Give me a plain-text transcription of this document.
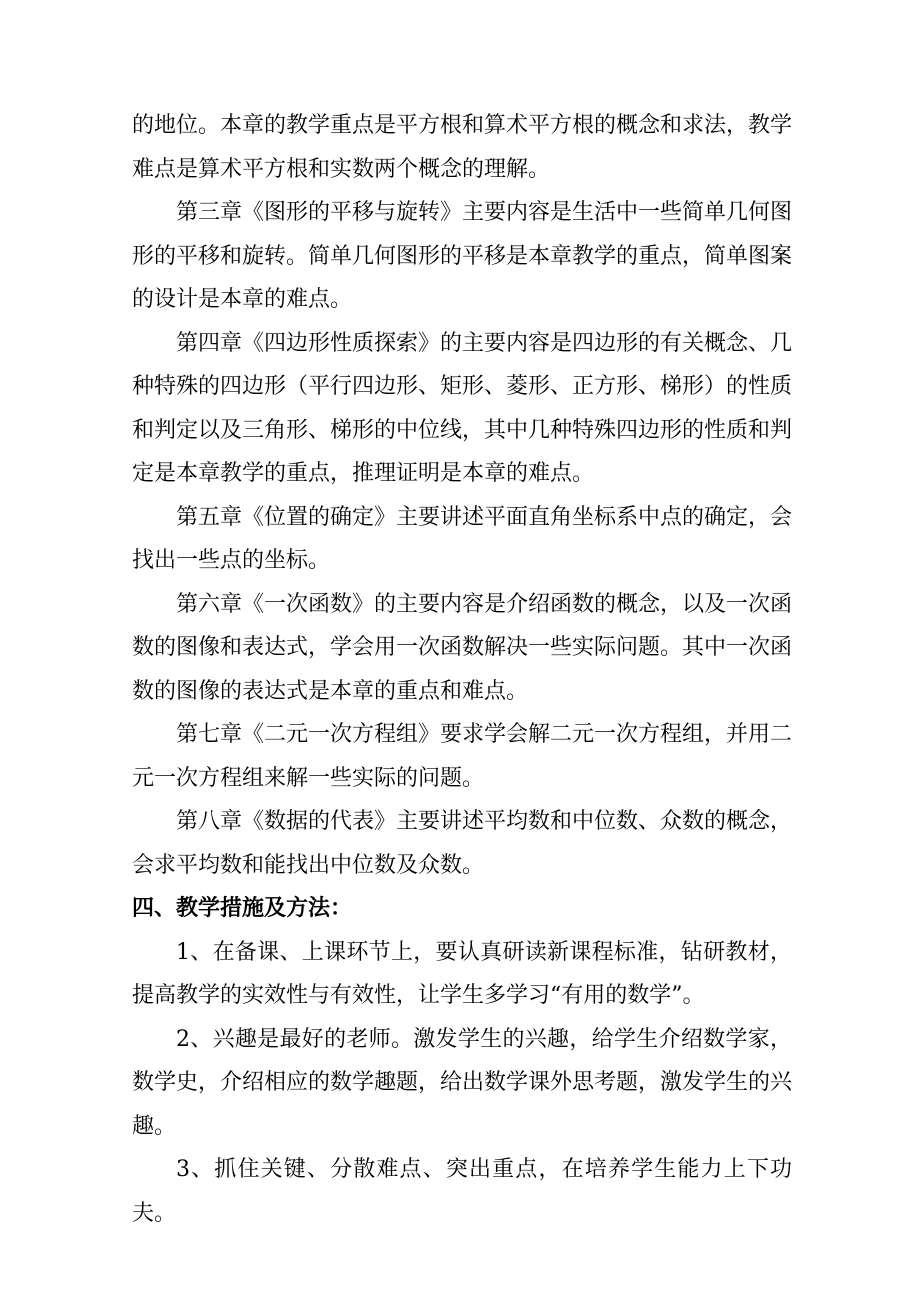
的地位。本章的教学重点是平方根和算术平方根的概念和求法，教学难点是算术平方根和实数两个概念的理解。

第三章《图形的平移与旋转》主要内容是生活中一些简单几何图形的平移和旋转。简单几何图形的平移是本章教学的重点，简单图案的设计是本章的难点。

第四章《四边形性质探索》的主要内容是四边形的有关概念、几种特殊的四边形（平行四边形、矩形、菱形、正方形、梯形）的性质和判定以及三角形、梯形的中位线，其中几种特殊四边形的性质和判定是本章教学的重点，推理证明是本章的难点。

第五章《位置的确定》主要讲述平面直角坐标系中点的确定，会找出一些点的坐标。

第六章《一次函数》的主要内容是介绍函数的概念，以及一次函数的图像和表达式，学会用一次函数解决一些实际问题。其中一次函数的图像的表达式是本章的重点和难点。

第七章《二元一次方程组》要求学会解二元一次方程组，并用二元一次方程组来解一些实际的问题。

第八章《数据的代表》主要讲述平均数和中位数、众数的概念，会求平均数和能找出中位数及众数。

四、教学措施及方法：

1、在备课、上课环节上，要认真研读新课程标准，钻研教材，提高教学的实效性与有效性，让学生多学习“有用的数学”。

2、兴趣是最好的老师。激发学生的兴趣，给学生介绍数学家，数学史，介绍相应的数学趣题，给出数学课外思考题，激发学生的兴趣。

3、抓住关键、分散难点、突出重点，在培养学生能力上下功夫。
